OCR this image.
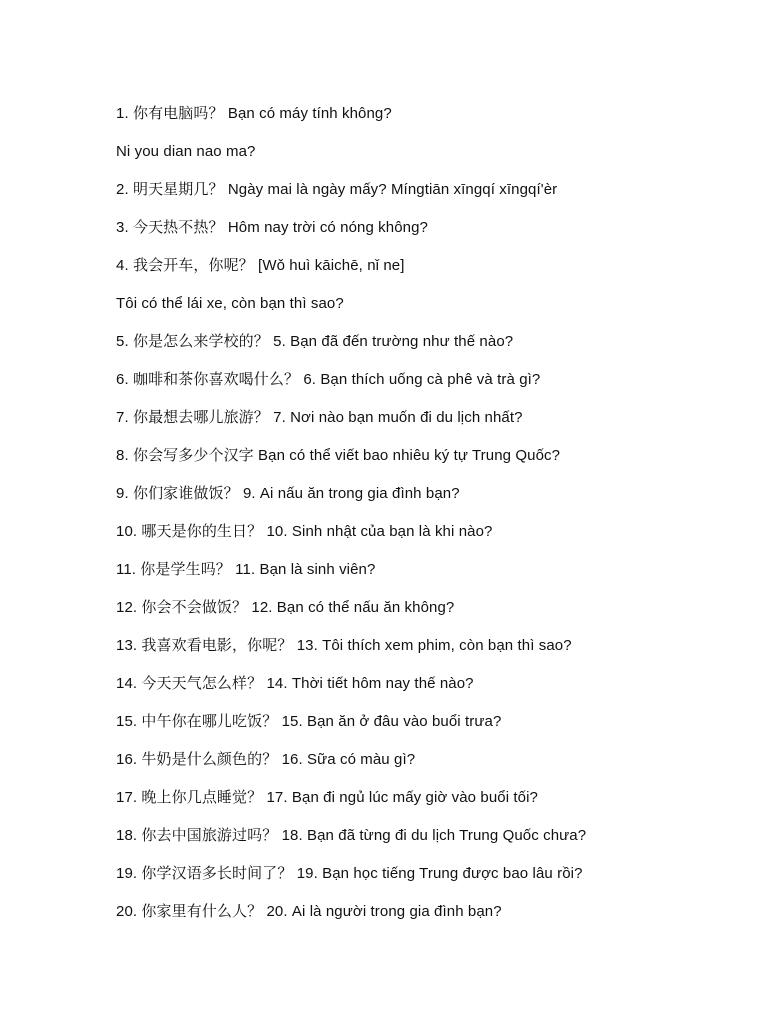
1. 你有电脑吗？ Bạn có máy tính không?
Ni you dian nao ma?
2. 明天星期几？ Ngày mai là ngày mấy? Míngtiān xīngqí xīngqí'èr
3. 今天热不热？ Hôm nay trời có nóng không?
4. 我会开车，你呢？ [Wǒ huì kāichē, nǐ ne]
Tôi có thể lái xe, còn bạn thì sao?
5. 你是怎么来学校的？ 5. Bạn đã đến trường như thế nào?
6. 咖啡和茶你喜欢喝什么？ 6. Bạn thích uống cà phê và trà gì?
7. 你最想去哪儿旅游？ 7. Nơi nào bạn muốn đi du lịch nhất?
8. 你会写多少个汉字 Bạn có thể viết bao nhiêu ký tự Trung Quốc?
9. 你们家谁做饭？ 9. Ai nấu ăn trong gia đình bạn?
10. 哪天是你的生日？ 10. Sinh nhật của bạn là khi nào?
11. 你是学生吗？ 11. Bạn là sinh viên?
12. 你会不会做饭？ 12. Bạn có thể nấu ăn không?
13. 我喜欢看电影，你呢？ 13. Tôi thích xem phim, còn bạn thì sao?
14. 今天天气怎么样？ 14. Thời tiết hôm nay thế nào?
15. 中午你在哪儿吃饭？ 15. Bạn ăn ở đâu vào buổi trưa?
16. 牛奶是什么颜色的？ 16. Sữa có màu gì?
17. 晚上你几点睡觉？ 17. Bạn đi ngủ lúc mấy giờ vào buổi tối?
18. 你去中国旅游过吗？ 18. Bạn đã từng đi du lịch Trung Quốc chưa?
19. 你学汉语多长时间了？ 19. Bạn học tiếng Trung được bao lâu rồi?
20. 你家里有什么人？ 20. Ai là người trong gia đình bạn?
